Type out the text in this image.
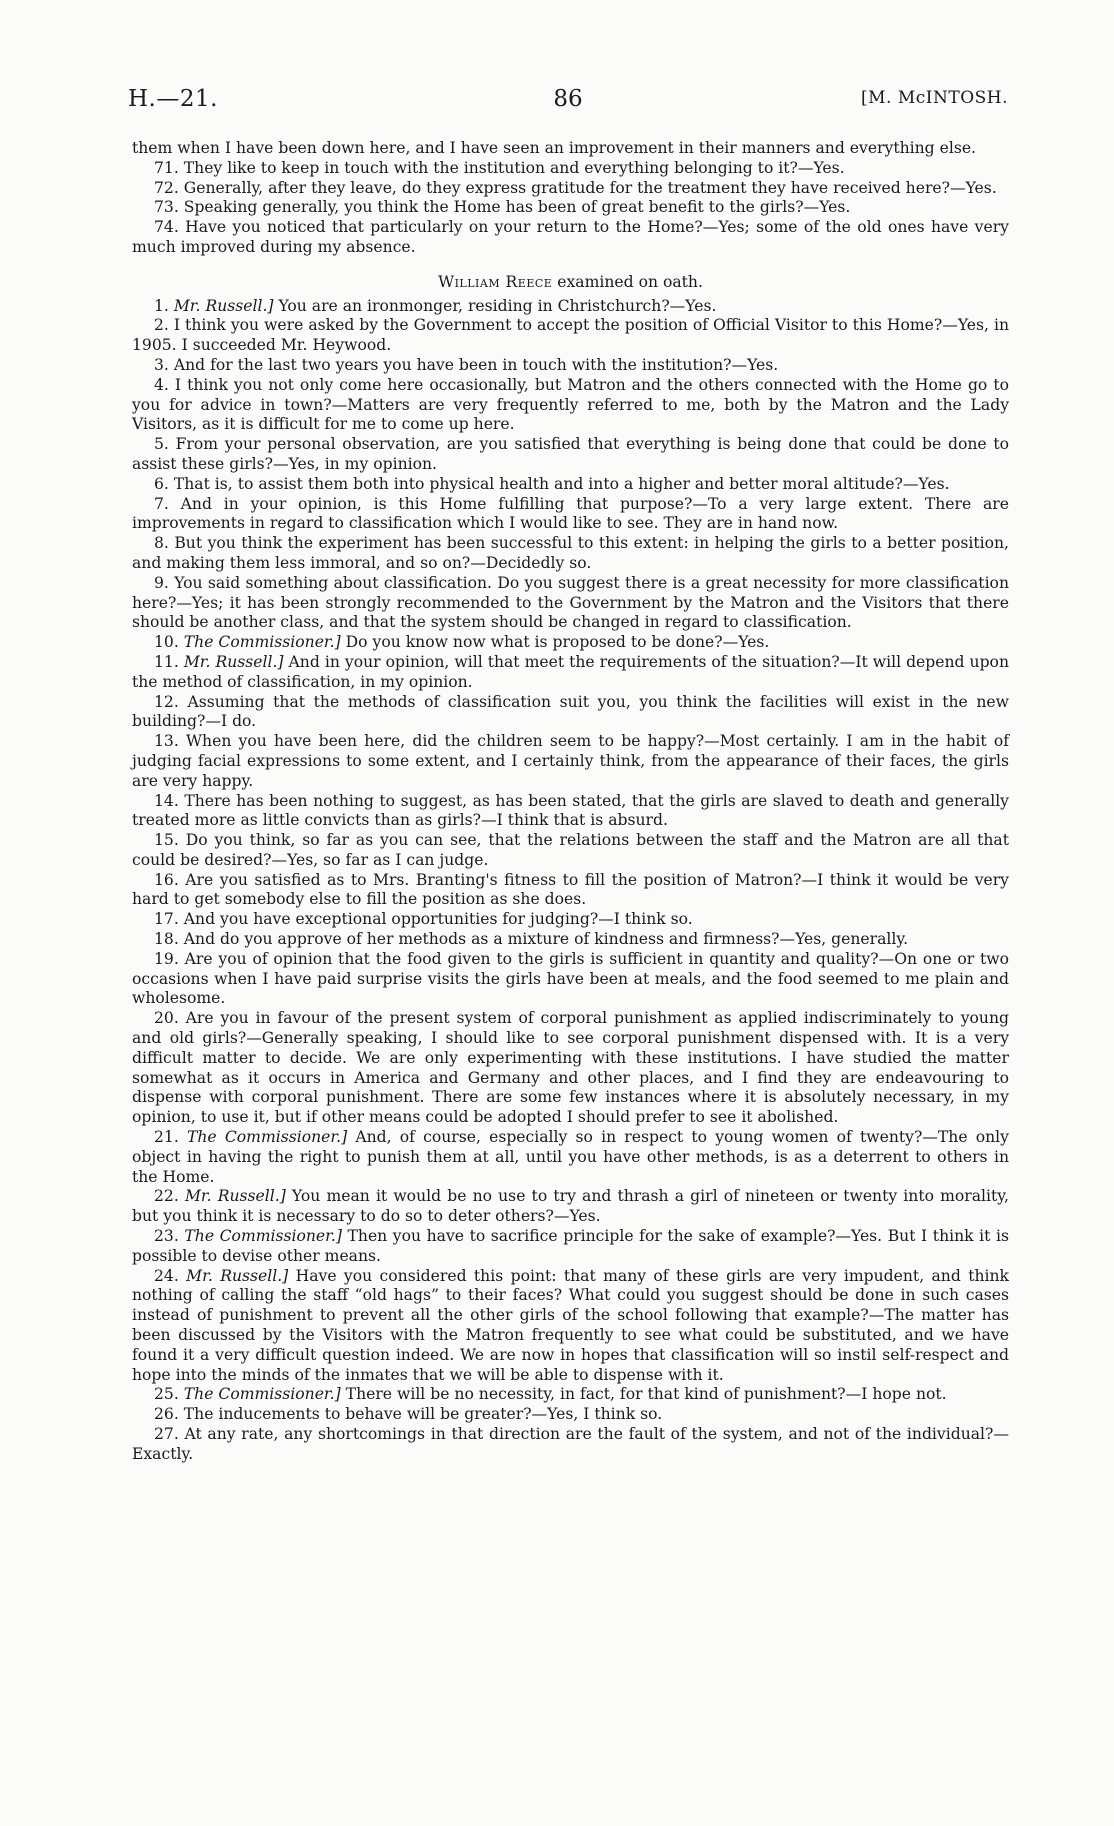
86
H.—21.	[M. McINTOSH.

them when I have been down here, and I have seen an improvement in their manners and everything else.

71. They like to keep in touch with the institution and everything belonging to it?—Yes.

72. Generally, after they leave, do they express gratitude for the treatment they have received here?—Yes.

73. Speaking generally, you think the Home has been of great benefit to the girls?—Yes.

74. Have you noticed that particularly on your return to the Home?—Yes; some of the old ones have very much improved during my absence.

William Reece examined on oath.

1. Mr. Russell.] You are an ironmonger, residing in Christchurch?—Yes.

2. I think you were asked by the Government to accept the position of Official Visitor to this Home?—Yes, in 1905. I succeeded Mr. Heywood.

3. And for the last two years you have been in touch with the institution?—Yes.

4. I think you not only come here occasionally, but Matron and the others connected with the Home go to you for advice in town?—Matters are very frequently referred to me, both by the Matron and the Lady Visitors, as it is difficult for me to come up here.

5. From your personal observation, are you satisfied that everything is being done that could be done to assist these girls?—Yes, in my opinion.

6. That is, to assist them both into physical health and into a higher and better moral altitude?—Yes.

7. And in your opinion, is this Home fulfilling that purpose?—To a very large extent. There are improvements in regard to classification which I would like to see. They are in hand now.

8. But you think the experiment has been successful to this extent: in helping the girls to a better position, and making them less immoral, and so on?—Decidedly so.

9. You said something about classification. Do you suggest there is a great necessity for more classification here?—Yes; it has been strongly recommended to the Government by the Matron and the Visitors that there should be another class, and that the system should be changed in regard to classification.

10. The Commissioner.] Do you know now what is proposed to be done?—Yes.

11. Mr. Russell.] And in your opinion, will that meet the requirements of the situation?—It will depend upon the method of classification, in my opinion.

12. Assuming that the methods of classification suit you, you think the facilities will exist in the new building?—I do.

13. When you have been here, did the children seem to be happy?—Most certainly. I am in the habit of judging facial expressions to some extent, and I certainly think, from the appearance of their faces, the girls are very happy.

14. There has been nothing to suggest, as has been stated, that the girls are slaved to death and generally treated more as little convicts than as girls?—I think that is absurd.

15. Do you think, so far as you can see, that the relations between the staff and the Matron are all that could be desired?—Yes, so far as I can judge.

16. Are you satisfied as to Mrs. Branting's fitness to fill the position of Matron?—I think it would be very hard to get somebody else to fill the position as she does.

17. And you have exceptional opportunities for judging?—I think so.

18. And do you approve of her methods as a mixture of kindness and firmness?—Yes, generally.

19. Are you of opinion that the food given to the girls is sufficient in quantity and quality?—On one or two occasions when I have paid surprise visits the girls have been at meals, and the food seemed to me plain and wholesome.

20. Are you in favour of the present system of corporal punishment as applied indiscriminately to young and old girls?—Generally speaking, I should like to see corporal punishment dispensed with. It is a very difficult matter to decide. We are only experimenting with these institutions. I have studied the matter somewhat as it occurs in America and Germany and other places, and I find they are endeavouring to dispense with corporal punishment. There are some few instances where it is absolutely necessary, in my opinion, to use it, but if other means could be adopted I should prefer to see it abolished.

21. The Commissioner.] And, of course, especially so in respect to young women of twenty?—The only object in having the right to punish them at all, until you have other methods, is as a deterrent to others in the Home.

22. Mr. Russell.] You mean it would be no use to try and thrash a girl of nineteen or twenty into morality, but you think it is necessary to do so to deter others?—Yes.

23. The Commissioner.] Then you have to sacrifice principle for the sake of example?—Yes. But I think it is possible to devise other means.

24. Mr. Russell.] Have you considered this point: that many of these girls are very impudent, and think nothing of calling the staff “old hags” to their faces? What could you suggest should be done in such cases instead of punishment to prevent all the other girls of the school following that example?—The matter has been discussed by the Visitors with the Matron frequently to see what could be substituted, and we have found it a very difficult question indeed. We are now in hopes that classification will so instil self-respect and hope into the minds of the inmates that we will be able to dispense with it.

25. The Commissioner.] There will be no necessity, in fact, for that kind of punishment?—I hope not.

26. The inducements to behave will be greater?—Yes, I think so.

27. At any rate, any shortcomings in that direction are the fault of the system, and not of the individual?—Exactly.
